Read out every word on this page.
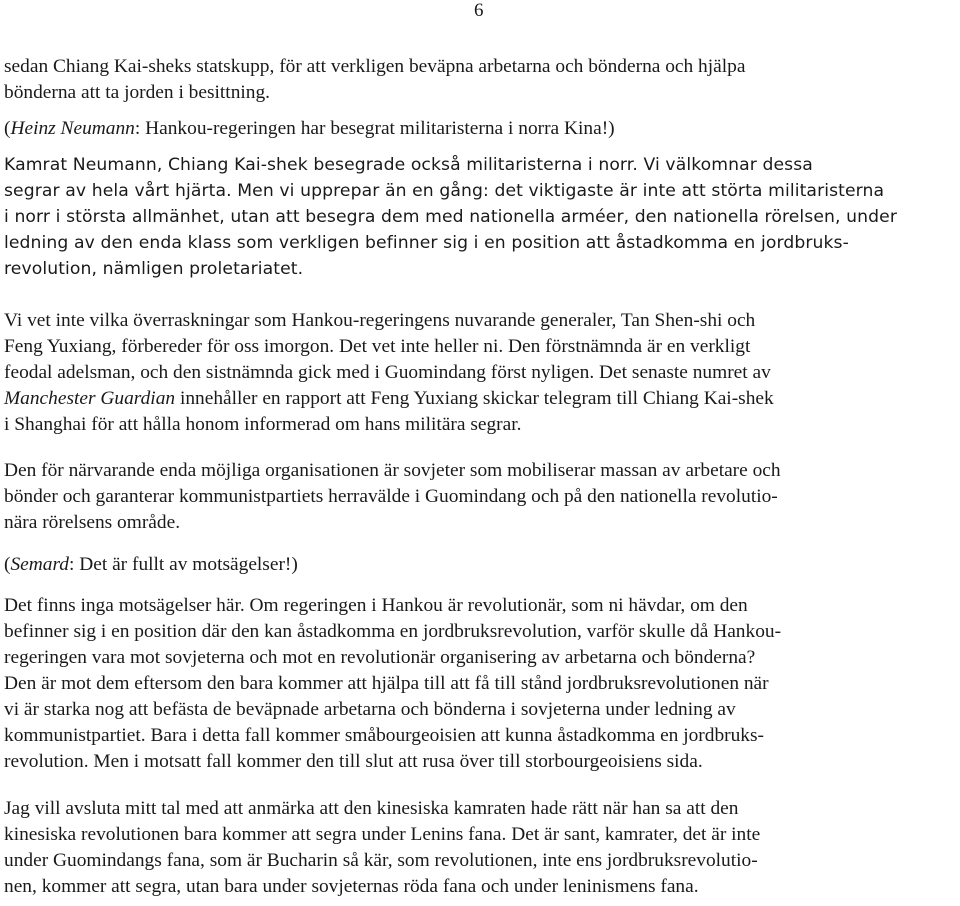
6
sedan Chiang Kai-sheks statskupp, för att verkligen beväpna arbetarna och bönderna och hjälpa
bönderna att ta jorden i besittning.
(Heinz Neumann: Hankou-regeringen har besegrat militaristerna i norra Kina!)
Kamrat Neumann, Chiang Kai-shek besegrade också militaristerna i norr. Vi välkomnar dessa
segrar av hela vårt hjärta. Men vi upprepar än en gång: det viktigaste är inte att störta militaristerna
i norr i största allmänhet, utan att besegra dem med nationella arméer, den nationella rörelsen, under
ledning av den enda klass som verkligen befinner sig i en position att åstadkomma en jordbruks-
revolution, nämligen proletariatet.
Vi vet inte vilka överraskningar som Hankou-regeringens nuvarande generaler, Tan Shen-shi och
Feng Yuxiang, förbereder för oss imorgon. Det vet inte heller ni. Den förstnämnda är en verkligt
feodal adelsman, och den sistnämnda gick med i Guomindang först nyligen. Det senaste numret av
Manchester Guardian innehåller en rapport att Feng Yuxiang skickar telegram till Chiang Kai-shek
i Shanghai för att hålla honom informerad om hans militära segrar.
Den för närvarande enda möjliga organisationen är sovjeter som mobiliserar massan av arbetare och
bönder och garanterar kommunistpartiets herravälde i Guomindang och på den nationella revolutio-
nära rörelsens område.
(Semard: Det är fullt av motsägelser!)
Det finns inga motsägelser här. Om regeringen i Hankou är revolutionär, som ni hävdar, om den
befinner sig i en position där den kan åstadkomma en jordbruksrevolution, varför skulle då Hankou-
regeringen vara mot sovjeterna och mot en revolutionär organisering av arbetarna och bönderna?
Den är mot dem eftersom den bara kommer att hjälpa till att få till stånd jordbruksrevolutionen när
vi är starka nog att befästa de beväpnade arbetarna och bönderna i sovjeterna under ledning av
kommunistpartiet. Bara i detta fall kommer småbourgeoisien att kunna åstadkomma en jordbruks-
revolution. Men i motsatt fall kommer den till slut att rusa över till storbourgeoisiens sida.
Jag vill avsluta mitt tal med att anmärka att den kinesiska kamraten hade rätt när han sa att den
kinesiska revolutionen bara kommer att segra under Lenins fana. Det är sant, kamrater, det är inte
under Guomindangs fana, som är Bucharin så kär, som revolutionen, inte ens jordbruksrevolutio-
nen, kommer att segra, utan bara under sovjeternas röda fana och under leninismens fana.
